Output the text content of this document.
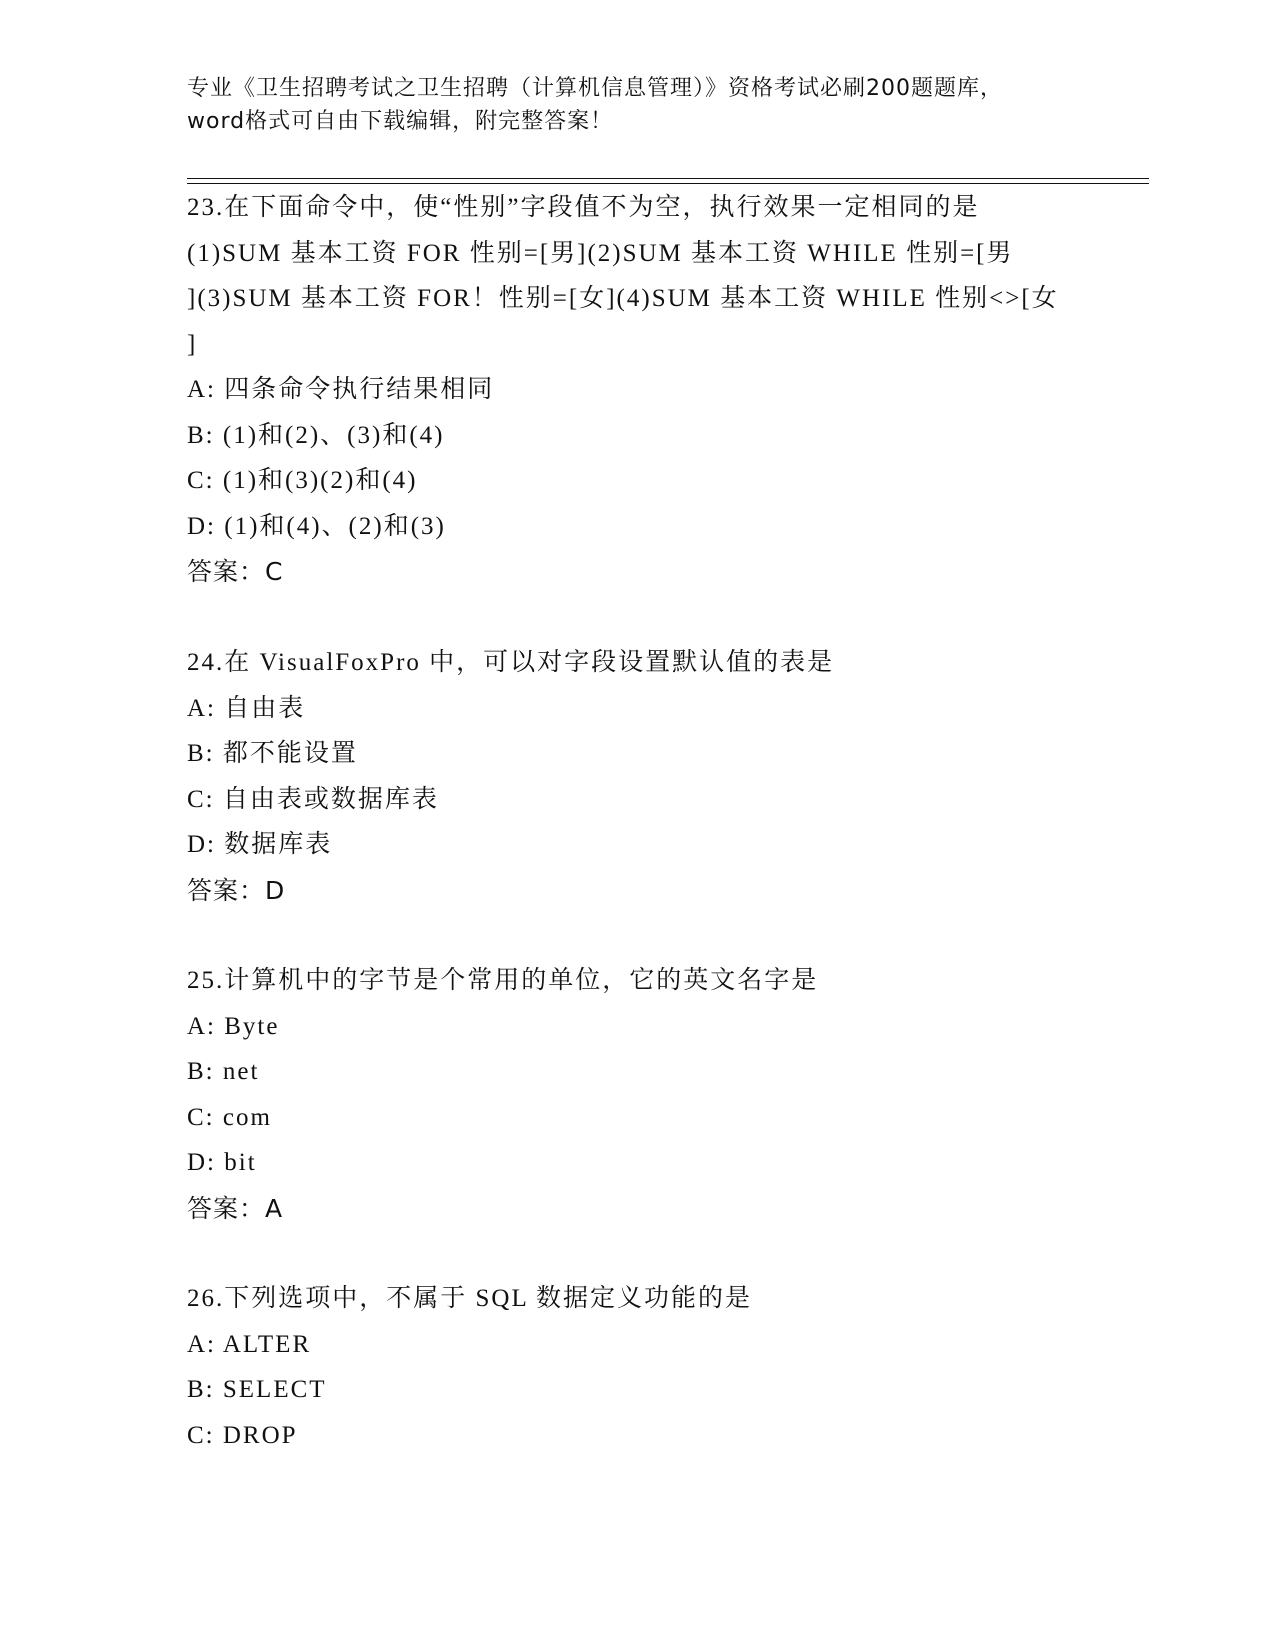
专业《卫生招聘考试之卫生招聘（计算机信息管理）》资格考试必刷200题题库，
word格式可自由下载编辑，附完整答案！
23.在下面命令中，使“性别”字段值不为空，执行效果一定相同的是
(1)SUM 基本工资 FOR 性别=[男](2)SUM 基本工资 WHILE 性别=[男
](3)SUM 基本工资 FOR！性别=[女](4)SUM 基本工资 WHILE 性别<>[女
]
A: 四条命令执行结果相同
B: (1)和(2)、(3)和(4)
C: (1)和(3)(2)和(4)
D: (1)和(4)、(2)和(3)
答案：C
24.在 VisualFoxPro 中，可以对字段设置默认值的表是
A: 自由表
B: 都不能设置
C: 自由表或数据库表
D: 数据库表
答案：D
25.计算机中的字节是个常用的单位，它的英文名字是
A: Byte
B: net
C: com
D: bit
答案：A
26.下列选项中，不属于 SQL 数据定义功能的是
A: ALTER
B: SELECT
C: DROP
